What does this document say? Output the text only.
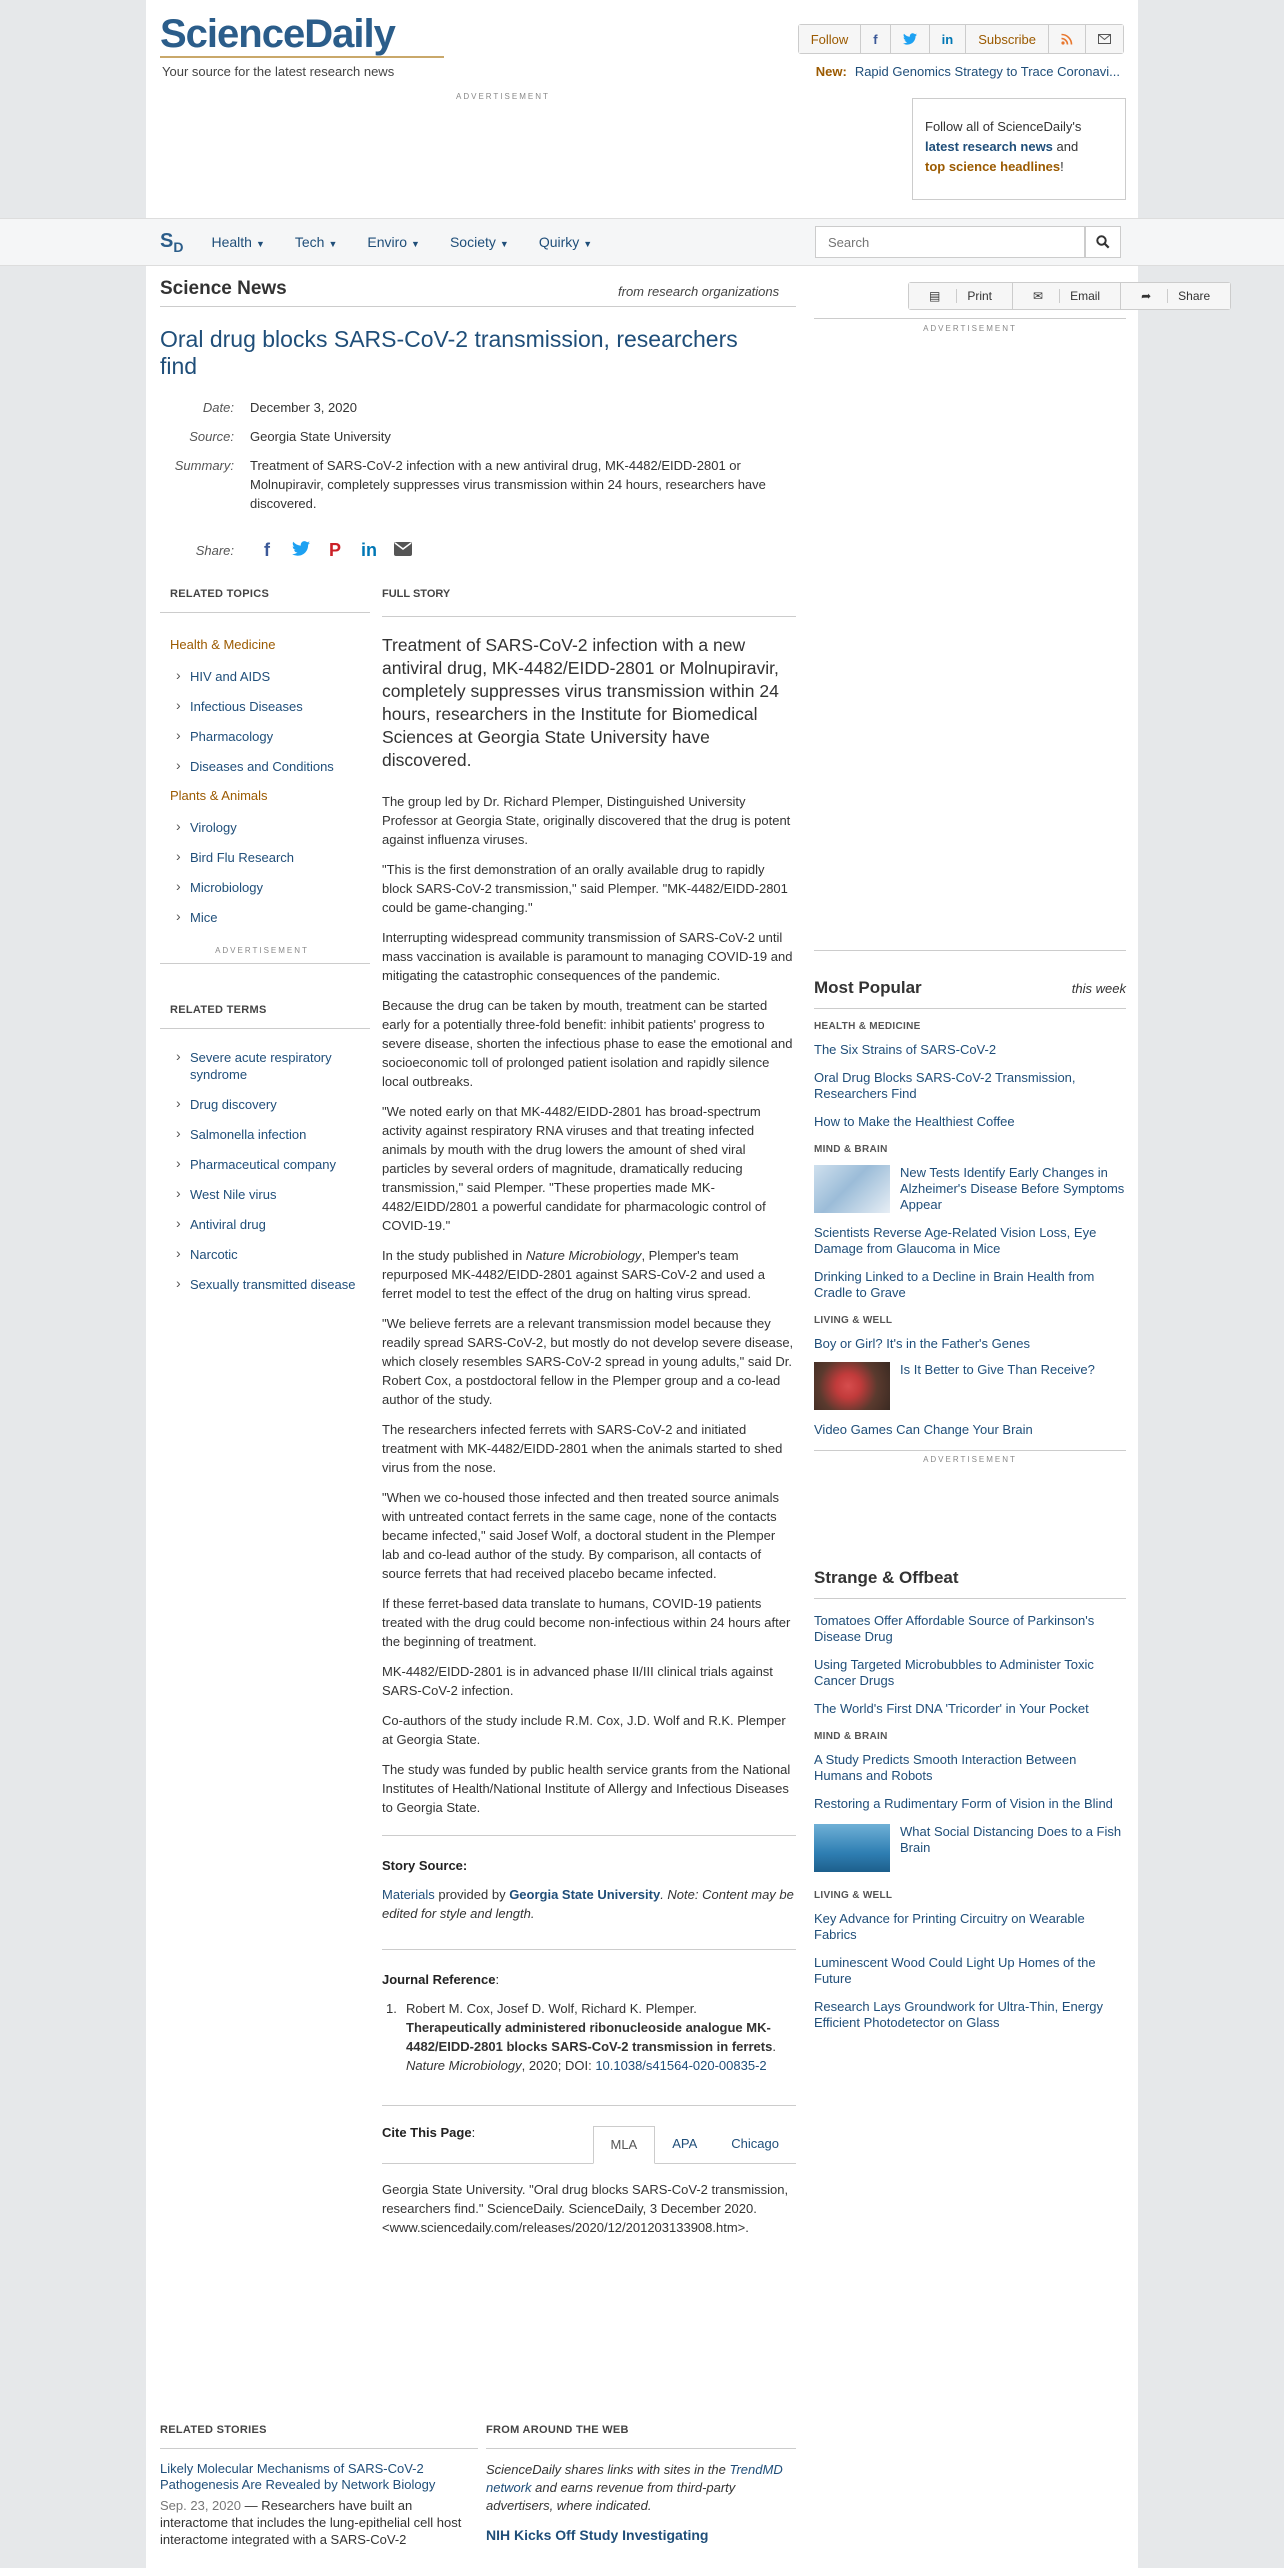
ScienceDaily
Your source for the latest research news
Follow	f	in	Subscribe
New: Rapid Genomics Strategy to Trace Coronavi...
ADVERTISEMENT
Follow all of ScienceDaily's
latest research news and
top science headlines!
$S_D$ Health ▼ Tech ▼ Enviro ▼ Society ▼ Quirky ▼
Search
Science News	from research organizations
Oral drug blocks SARS-CoV-2 transmission, researchers find
Date: December 3, 2020
Source: Georgia State University
Summary: Treatment of SARS-CoV-2 infection with a new antiviral drug, MK-4482/EIDD-2801 or Molnupiravir, completely suppresses virus transmission within 24 hours, researchers have discovered.
Share:	f	P	in
RELATED TOPICS
Health & Medicine
› HIV and AIDS
› Infectious Diseases
› Pharmacology
› Diseases and Conditions
Plants & Animals
› Virology
› Bird Flu Research
› Microbiology
› Mice
ADVERTISEMENT
RELATED TERMS
› Severe acute respiratory syndrome
› Drug discovery
› Salmonella infection
› Pharmaceutical company
› West Nile virus
› Antiviral drug
› Narcotic
› Sexually transmitted disease
FULL STORY
Treatment of SARS-CoV-2 infection with a new antiviral drug, MK-4482/EIDD-2801 or Molnupiravir, completely suppresses virus transmission within 24 hours, researchers in the Institute for Biomedical Sciences at Georgia State University have discovered.

The group led by Dr. Richard Plemper, Distinguished University Professor at Georgia State, originally discovered that the drug is potent against influenza viruses.

"This is the first demonstration of an orally available drug to rapidly block SARS-CoV-2 transmission," said Plemper. "MK-4482/EIDD-2801 could be game-changing."

Interrupting widespread community transmission of SARS-CoV-2 until mass vaccination is available is paramount to managing COVID-19 and mitigating the catastrophic consequences of the pandemic.

Because the drug can be taken by mouth, treatment can be started early for a potentially three-fold benefit: inhibit patients' progress to severe disease, shorten the infectious phase to ease the emotional and socioeconomic toll of prolonged patient isolation and rapidly silence local outbreaks.

"We noted early on that MK-4482/EIDD-2801 has broad-spectrum activity against respiratory RNA viruses and that treating infected animals by mouth with the drug lowers the amount of shed viral particles by several orders of magnitude, dramatically reducing transmission," said Plemper. "These properties made MK-4482/EIDD/2801 a powerful candidate for pharmacologic control of COVID-19."

In the study published in Nature Microbiology, Plemper's team repurposed MK-4482/EIDD-2801 against SARS-CoV-2 and used a ferret model to test the effect of the drug on halting virus spread.

"We believe ferrets are a relevant transmission model because they readily spread SARS-CoV-2, but mostly do not develop severe disease, which closely resembles SARS-CoV-2 spread in young adults," said Dr. Robert Cox, a postdoctoral fellow in the Plemper group and a co-lead author of the study.

The researchers infected ferrets with SARS-CoV-2 and initiated treatment with MK-4482/EIDD-2801 when the animals started to shed virus from the nose.

"When we co-housed those infected and then treated source animals with untreated contact ferrets in the same cage, none of the contacts became infected," said Josef Wolf, a doctoral student in the Plemper lab and co-lead author of the study. By comparison, all contacts of source ferrets that had received placebo became infected.

If these ferret-based data translate to humans, COVID-19 patients treated with the drug could become non-infectious within 24 hours after the beginning of treatment.

MK-4482/EIDD-2801 is in advanced phase II/III clinical trials against SARS-CoV-2 infection.

Co-authors of the study include R.M. Cox, J.D. Wolf and R.K. Plemper at Georgia State.

The study was funded by public health service grants from the National Institutes of Health/National Institute of Allergy and Infectious Diseases to Georgia State.

Story Source:

Materials provided by Georgia State University. Note: Content may be edited for style and length.

Journal Reference:
1. Robert M. Cox, Josef D. Wolf, Richard K. Plemper. Therapeutically administered ribonucleoside analogue MK-4482/EIDD-2801 blocks SARS-CoV-2 transmission in ferrets. Nature Microbiology, 2020; DOI: 10.1038/s41564-020-00835-2
Cite This Page:
MLA	APA	Chicago

Georgia State University. "Oral drug blocks SARS-CoV-2 transmission, researchers find." ScienceDaily. ScienceDaily, 3 December 2020. <www.sciencedaily.com/releases/2020/12/201203133908.htm>.

▤	Print	✉	Email	➦	Share
ADVERTISEMENT
Most Popular	this week
HEALTH & MEDICINE
The Six Strains of SARS-CoV-2
Oral Drug Blocks SARS-CoV-2 Transmission, Researchers Find
How to Make the Healthiest Coffee
MIND & BRAIN
New Tests Identify Early Changes in Alzheimer's Disease Before Symptoms Appear
Scientists Reverse Age-Related Vision Loss, Eye Damage from Glaucoma in Mice
Drinking Linked to a Decline in Brain Health from Cradle to Grave
LIVING & WELL
Boy or Girl? It's in the Father's Genes
Is It Better to Give Than Receive?
Video Games Can Change Your Brain
ADVERTISEMENT
Strange & Offbeat
Tomatoes Offer Affordable Source of Parkinson's Disease Drug
Using Targeted Microbubbles to Administer Toxic Cancer Drugs
The World's First DNA 'Tricorder' in Your Pocket
MIND & BRAIN
A Study Predicts Smooth Interaction Between Humans and Robots
Restoring a Rudimentary Form of Vision in the Blind
What Social Distancing Does to a Fish Brain
LIVING & WELL
Key Advance for Printing Circuitry on Wearable Fabrics
Luminescent Wood Could Light Up Homes of the Future
Research Lays Groundwork for Ultra-Thin, Energy Efficient Photodetector on Glass
RELATED STORIES
Likely Molecular Mechanisms of SARS-CoV-2 Pathogenesis Are Revealed by Network Biology
Sep. 23, 2020 — Researchers have built an interactome that includes the lung-epithelial cell host interactome integrated with a SARS-CoV-2
FROM AROUND THE WEB
ScienceDaily shares links with sites in the TrendMD network and earns revenue from third-party advertisers, where indicated.
NIH Kicks Off Study Investigating
